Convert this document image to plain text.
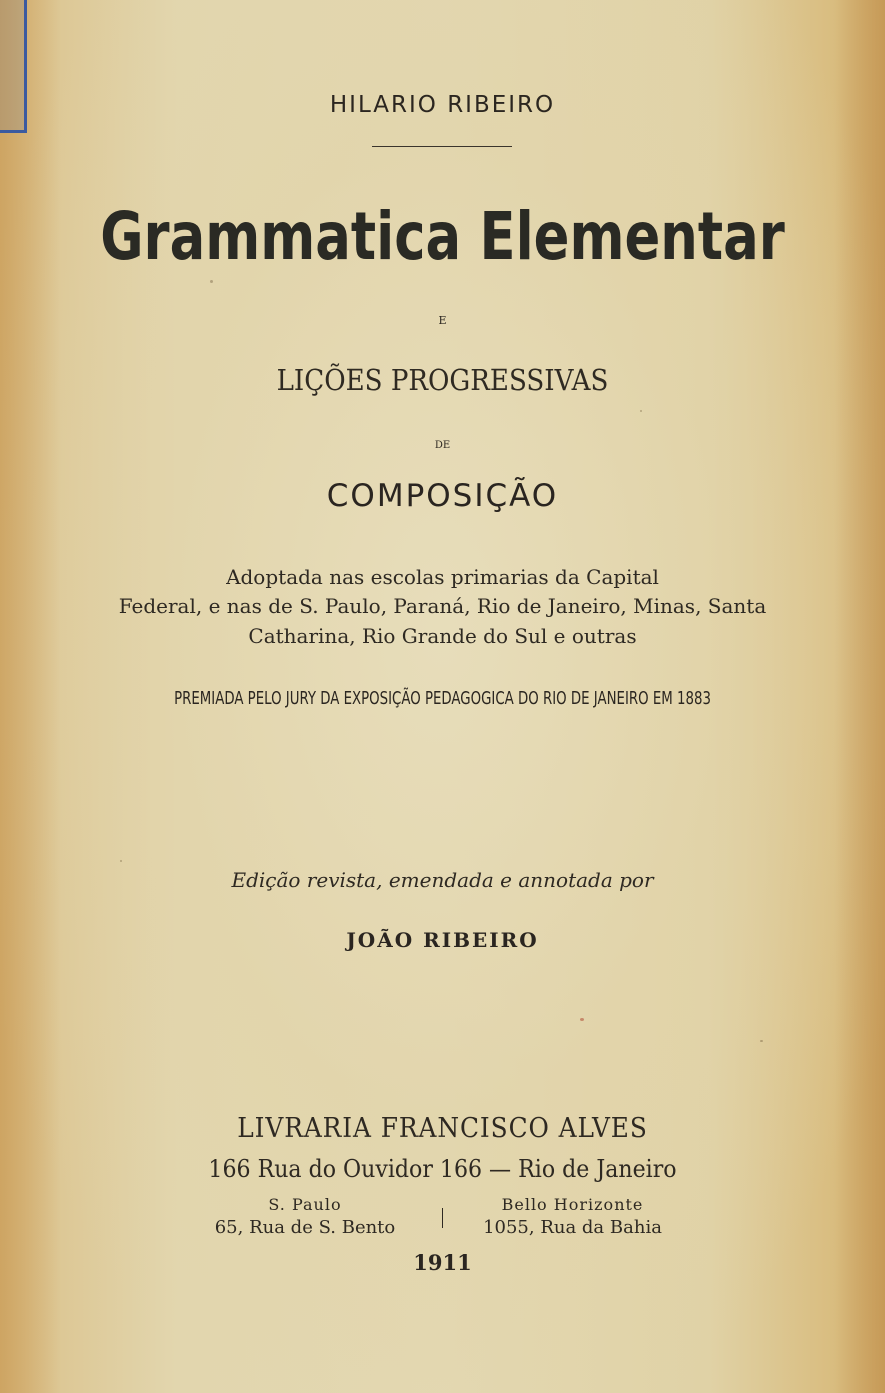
HILARIO RIBEIRO
Grammatica Elementar
E
LIÇÕES PROGRESSIVAS
DE
COMPOSIÇÃO
Adoptada nas escolas primarias da Capital
Federal, e nas de S. Paulo, Paraná, Rio de Janeiro, Minas, Santa
Catharina, Rio Grande do Sul e outras
PREMIADA PELO JURY DA EXPOSIÇÃO PEDAGOGICA DO RIO DE JANEIRO EM 1883
Edição revista, emendada e annotada por
JOÃO RIBEIRO
LIVRARIA FRANCISCO ALVES
166 Rua do Ouvidor 166 — Rio de Janeiro
S. Paulo
65, Rua de S. Bento
Bello Horizonte
1055, Rua da Bahia
1911
